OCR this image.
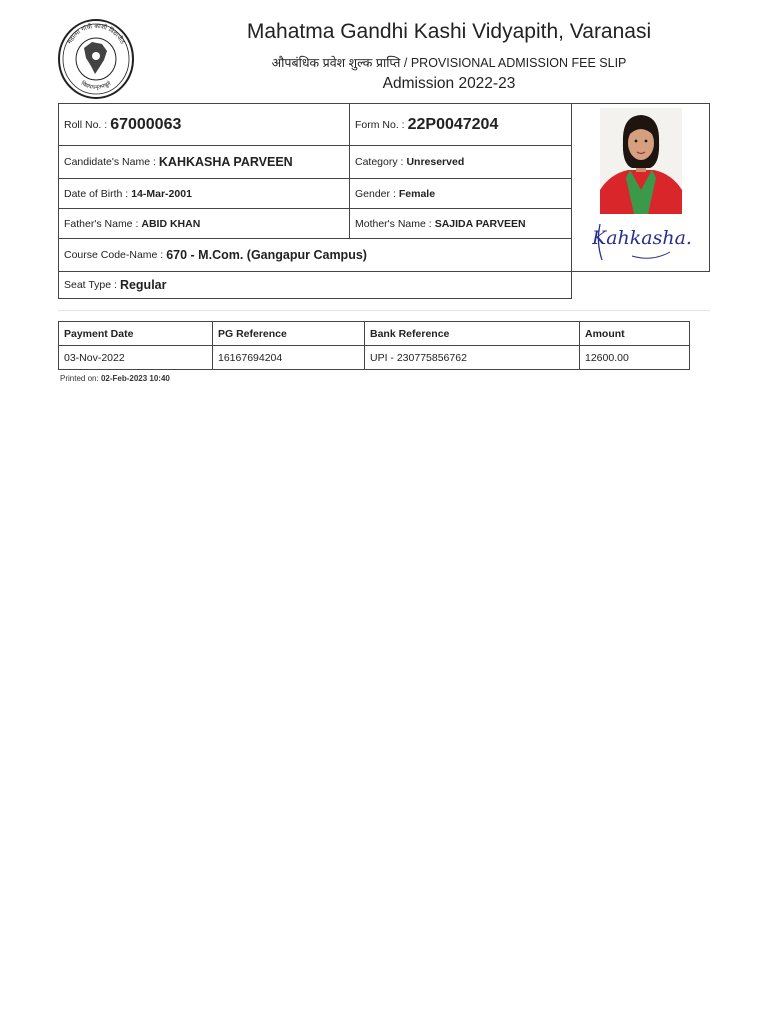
महात्मा गांधी काशी विद्यापीठ
विद्ययाऽमृतमश्नुते
Mahatma Gandhi Kashi Vidyapith, Varanasi
औपबंधिक प्रवेश शुल्क प्राप्ति / PROVISIONAL ADMISSION FEE SLIP
Admission 2022-23
Roll No. : 67000063	Form No. : 22P0047204
Candidate's Name : KAHKASHA PARVEEN	Category : Unreserved
Date of Birth : 14-Mar-2001	Gender : Female
Father's Name : ABID KHAN	Mother's Name : SAJIDA PARVEEN
Course Code-Name : 670 - M.Com. (Gangapur Campus)
Seat Type : Regular
Kahkasha.
Payment Date	PG Reference	Bank Reference	Amount
03-Nov-2022	16167694204	UPI - 230775856762	12600.00
Printed on: 02-Feb-2023 10:40
